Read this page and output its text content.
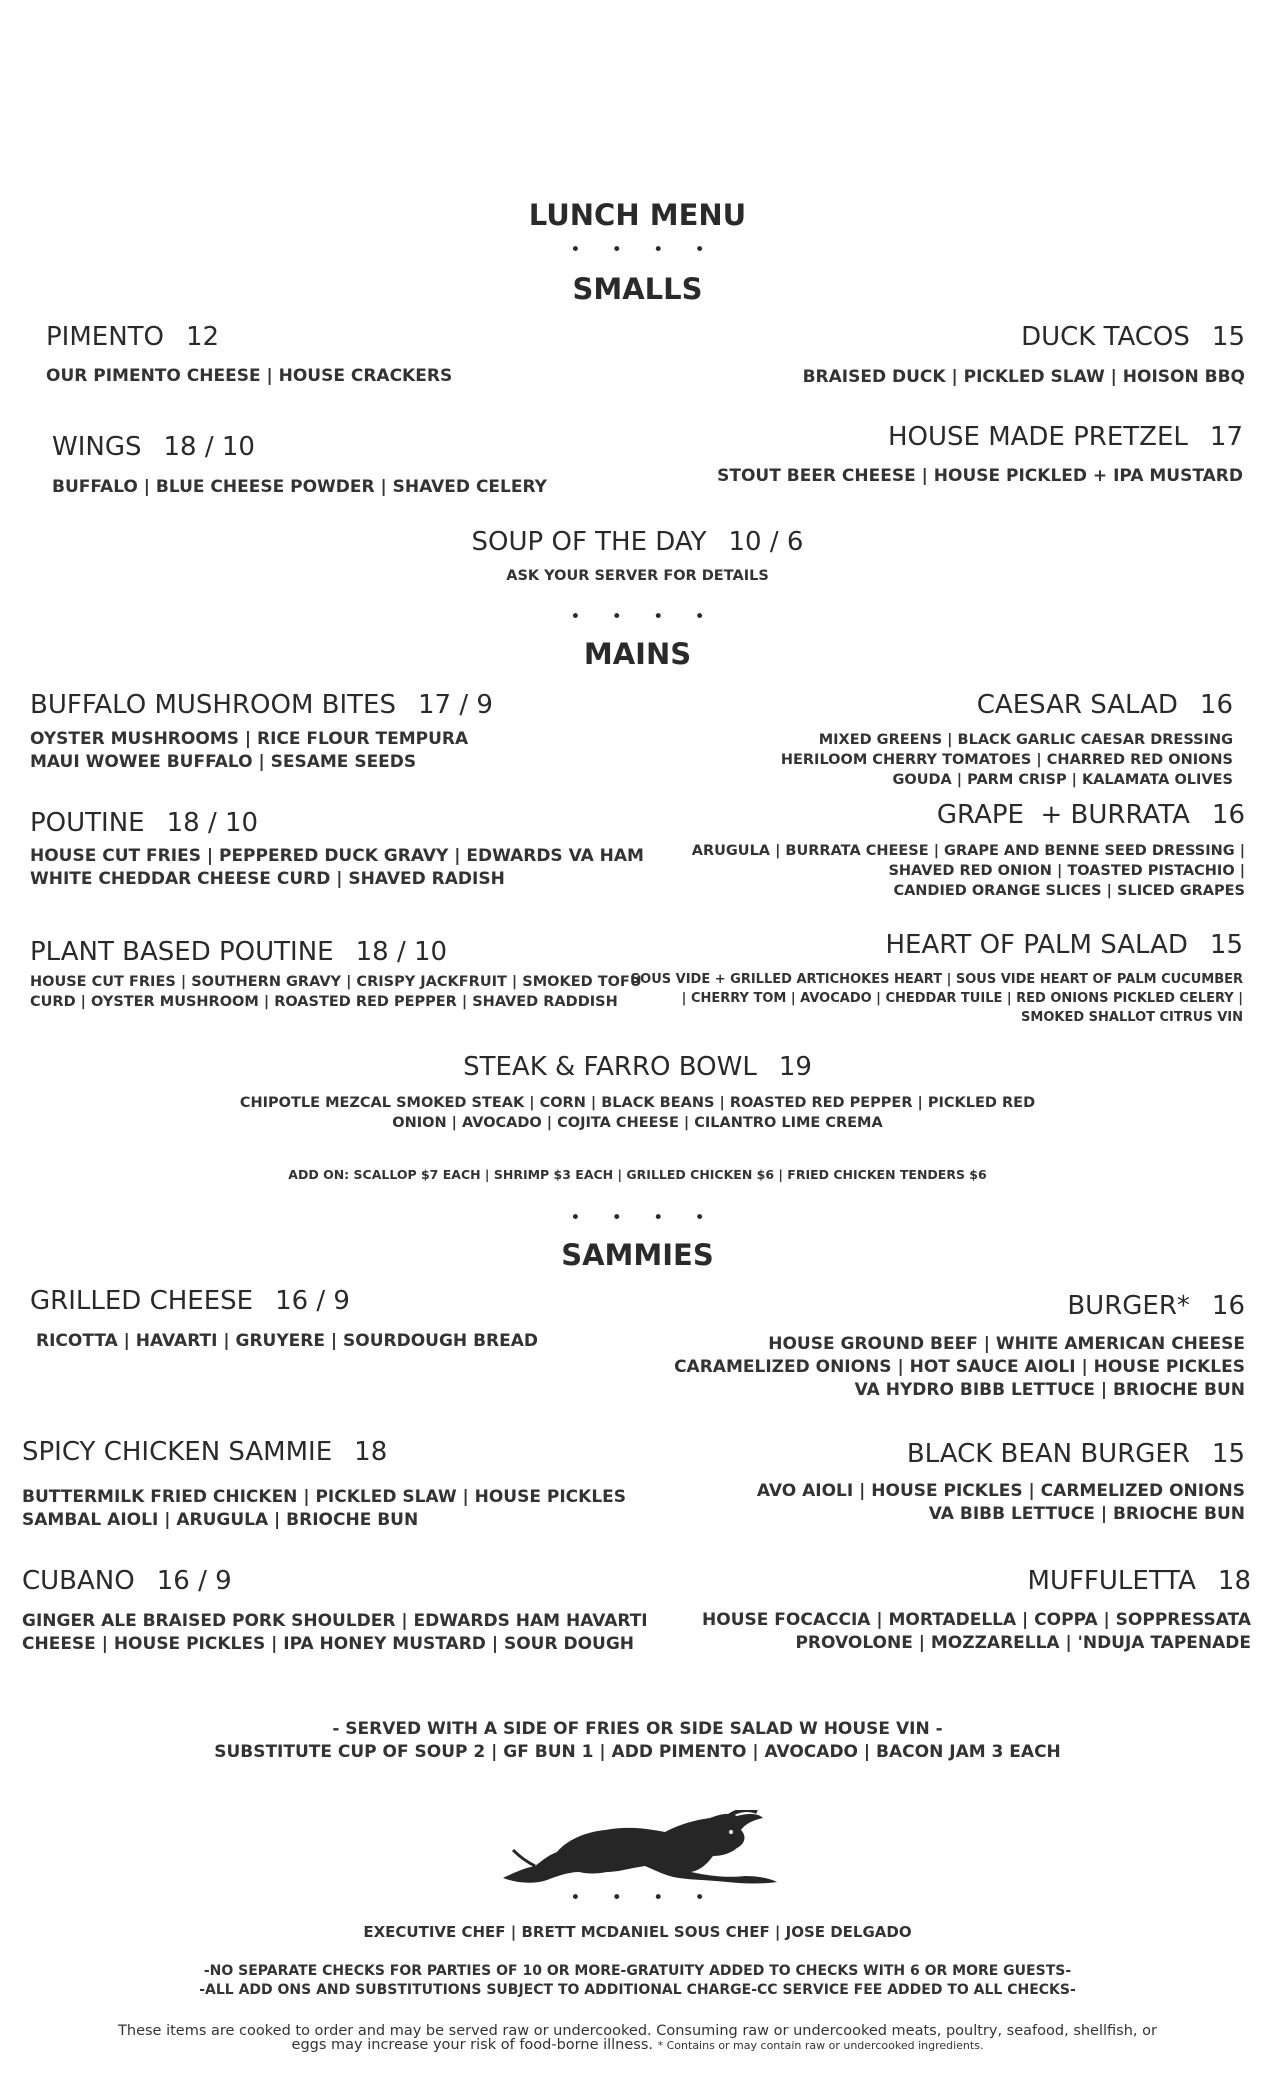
LUNCH MENU
• • • •
SMALLS
PIMENTO 12
OUR PIMENTO CHEESE | HOUSE CRACKERS
DUCK TACOS 15
BRAISED DUCK | PICKLED SLAW | HOISON BBQ
WINGS 18 / 10
BUFFALO | BLUE CHEESE POWDER | SHAVED CELERY
HOUSE MADE PRETZEL 17
STOUT BEER CHEESE | HOUSE PICKLED + IPA MUSTARD
SOUP OF THE DAY 10 / 6
ASK YOUR SERVER FOR DETAILS
• • • •
MAINS
BUFFALO MUSHROOM BITES 17 / 9
OYSTER MUSHROOMS | RICE FLOUR TEMPURA
MAUI WOWEE BUFFALO | SESAME SEEDS
CAESAR SALAD 16
MIXED GREENS | BLACK GARLIC CAESAR DRESSING
HERILOOM CHERRY TOMATOES | CHARRED RED ONIONS
GOUDA | PARM CRISP | KALAMATA OLIVES
POUTINE 18 / 10
HOUSE CUT FRIES | PEPPERED DUCK GRAVY | EDWARDS VA HAM
WHITE CHEDDAR CHEESE CURD | SHAVED RADISH
GRAPE  + BURRATA 16
ARUGULA | BURRATA CHEESE | GRAPE AND BENNE SEED DRESSING |
SHAVED RED ONION | TOASTED PISTACHIO |
CANDIED ORANGE SLICES | SLICED GRAPES
PLANT BASED POUTINE 18 / 10
HOUSE CUT FRIES | SOUTHERN GRAVY | CRISPY JACKFRUIT | SMOKED TOFU
CURD | OYSTER MUSHROOM | ROASTED RED PEPPER | SHAVED RADDISH
HEART OF PALM SALAD 15
SOUS VIDE + GRILLED ARTICHOKES HEART | SOUS VIDE HEART OF PALM CUCUMBER
| CHERRY TOM | AVOCADO | CHEDDAR TUILE | RED ONIONS PICKLED CELERY |
SMOKED SHALLOT CITRUS VIN
STEAK & FARRO BOWL 19
CHIPOTLE MEZCAL SMOKED STEAK | CORN | BLACK BEANS | ROASTED RED PEPPER | PICKLED RED
ONION | AVOCADO | COJITA CHEESE | CILANTRO LIME CREMA
ADD ON: SCALLOP $7 EACH | SHRIMP $3 EACH | GRILLED CHICKEN $6 | FRIED CHICKEN TENDERS $6
• • • •
SAMMIES
GRILLED CHEESE 16 / 9
RICOTTA | HAVARTI | GRUYERE | SOURDOUGH BREAD
BURGER* 16
HOUSE GROUND BEEF | WHITE AMERICAN CHEESE
CARAMELIZED ONIONS | HOT SAUCE AIOLI | HOUSE PICKLES
VA HYDRO BIBB LETTUCE | BRIOCHE BUN
SPICY CHICKEN SAMMIE 18
BUTTERMILK FRIED CHICKEN | PICKLED SLAW | HOUSE PICKLES
SAMBAL AIOLI | ARUGULA | BRIOCHE BUN
BLACK BEAN BURGER 15
AVO AIOLI | HOUSE PICKLES | CARMELIZED ONIONS
VA BIBB LETTUCE | BRIOCHE BUN
CUBANO 16 / 9
GINGER ALE BRAISED PORK SHOULDER | EDWARDS HAM HAVARTI
CHEESE | HOUSE PICKLES | IPA HONEY MUSTARD | SOUR DOUGH
MUFFULETTA 18
HOUSE FOCACCIA | MORTADELLA | COPPA | SOPPRESSATA
PROVOLONE | MOZZARELLA | 'NDUJA TAPENADE
- SERVED WITH A SIDE OF FRIES OR SIDE SALAD W HOUSE VIN -
SUBSTITUTE CUP OF SOUP 2 | GF BUN 1 | ADD PIMENTO | AVOCADO | BACON JAM 3 EACH
• • • •
EXECUTIVE CHEF | BRETT MCDANIEL SOUS CHEF | JOSE DELGADO
-NO SEPARATE CHECKS FOR PARTIES OF 10 OR MORE-GRATUITY ADDED TO CHECKS WITH 6 OR MORE GUESTS-
-ALL ADD ONS AND SUBSTITUTIONS SUBJECT TO ADDITIONAL CHARGE-CC SERVICE FEE ADDED TO ALL CHECKS-
These items are cooked to order and may be served raw or undercooked. Consuming raw or undercooked meats, poultry, seafood, shellfish, or
eggs may increase your risk of food-borne illness. * Contains or may contain raw or undercooked ingredients.
